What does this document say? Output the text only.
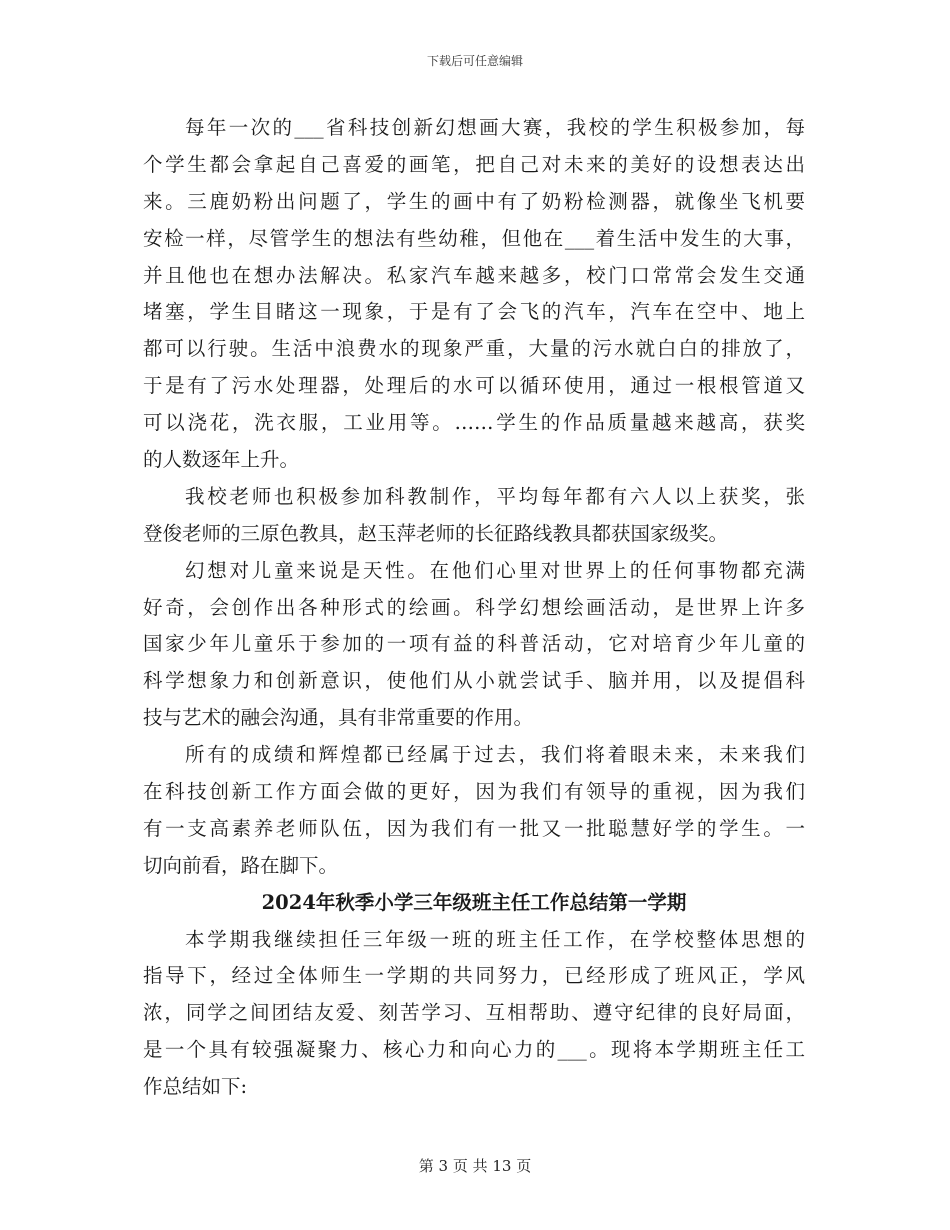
下载后可任意编辑
每年一次的___省科技创新幻想画大赛，我校的学生积极参加，每
个学生都会拿起自己喜爱的画笔，把自己对未来的美好的设想表达出
来。三鹿奶粉出问题了，学生的画中有了奶粉检测器，就像坐飞机要
安检一样，尽管学生的想法有些幼稚，但他在___着生活中发生的大事，
并且他也在想办法解决。私家汽车越来越多，校门口常常会发生交通
堵塞，学生目睹这一现象，于是有了会飞的汽车，汽车在空中、地上
都可以行驶。生活中浪费水的现象严重，大量的污水就白白的排放了，
于是有了污水处理器，处理后的水可以循环使用，通过一根根管道又
可以浇花，洗衣服，工业用等。……学生的作品质量越来越高，获奖
的人数逐年上升。
我校老师也积极参加科教制作，平均每年都有六人以上获奖，张
登俊老师的三原色教具，赵玉萍老师的长征路线教具都获国家级奖。
幻想对儿童来说是天性。在他们心里对世界上的任何事物都充满
好奇，会创作出各种形式的绘画。科学幻想绘画活动，是世界上许多
国家少年儿童乐于参加的一项有益的科普活动，它对培育少年儿童的
科学想象力和创新意识，使他们从小就尝试手、脑并用，以及提倡科
技与艺术的融会沟通，具有非常重要的作用。
所有的成绩和辉煌都已经属于过去，我们将着眼未来，未来我们
在科技创新工作方面会做的更好，因为我们有领导的重视，因为我们
有一支高素养老师队伍，因为我们有一批又一批聪慧好学的学生。一
切向前看，路在脚下。
2024年秋季小学三年级班主任工作总结第一学期
本学期我继续担任三年级一班的班主任工作，在学校整体思想的
指导下，经过全体师生一学期的共同努力，已经形成了班风正，学风
浓，同学之间团结友爱、刻苦学习、互相帮助、遵守纪律的良好局面，
是一个具有较强凝聚力、核心力和向心力的___。现将本学期班主任工
作总结如下:
第 3 页 共 13 页
